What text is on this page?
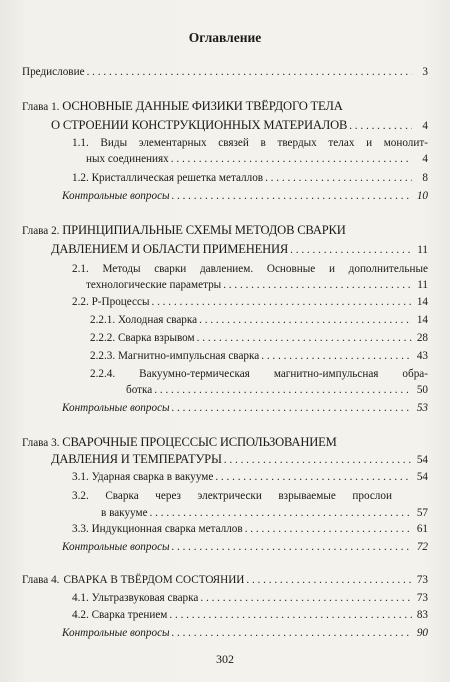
Оглавление
Предисловие . . .	3
Глава 1. ОСНОВНЫЕ ДАННЫЕ ФИЗИКИ ТВЁРДОГО ТЕЛА
О СТРОЕНИИ КОНСТРУКЦИОННЫХ МАТЕРИАЛОВ . . .	4
1.1. Виды элементарных связей в твердых телах и монолит-
ных соединениях . . .	4
1.2. Кристаллическая решетка металлов . . .	8
Контрольные вопросы . . .	10
Глава 2. ПРИНЦИПИАЛЬНЫЕ СХЕМЫ МЕТОДОВ СВАРКИ
ДАВЛЕНИЕМ И ОБЛАСТИ ПРИМЕНЕНИЯ . . .	11
2.1. Методы сварки давлением. Основные и дополнительные
технологические параметры . . .	11
2.2. Р-Процессы . . .	14
2.2.1. Холодная сварка . . .	14
2.2.2. Сварка взрывом . . .	28
2.2.3. Магнитно-импульсная сварка . . .	43
2.2.4. Вакуумно-термическая магнитно-импульсная обра-
ботка . . .	50
Контрольные вопросы . . .	53
Глава 3. СВАРОЧНЫЕ ПРОЦЕССЫС ИСПОЛЬЗОВАНИЕМ
ДАВЛЕНИЯ И ТЕМПЕРАТУРЫ . . .	54
3.1. Ударная сварка в вакууме . . .	54
3.2. Сварка через электрически взрываемые прослои
в вакууме . . .	57
3.3. Индукционная сварка металлов . . .	61
Контрольные вопросы . . .	72
Глава 4. СВАРКА В ТВЁРДОМ СОСТОЯНИИ . . .	73
4.1. Ультразвуковая сварка . . .	73
4.2. Сварка трением . . .	83
Контрольные вопросы . . .	90
302
